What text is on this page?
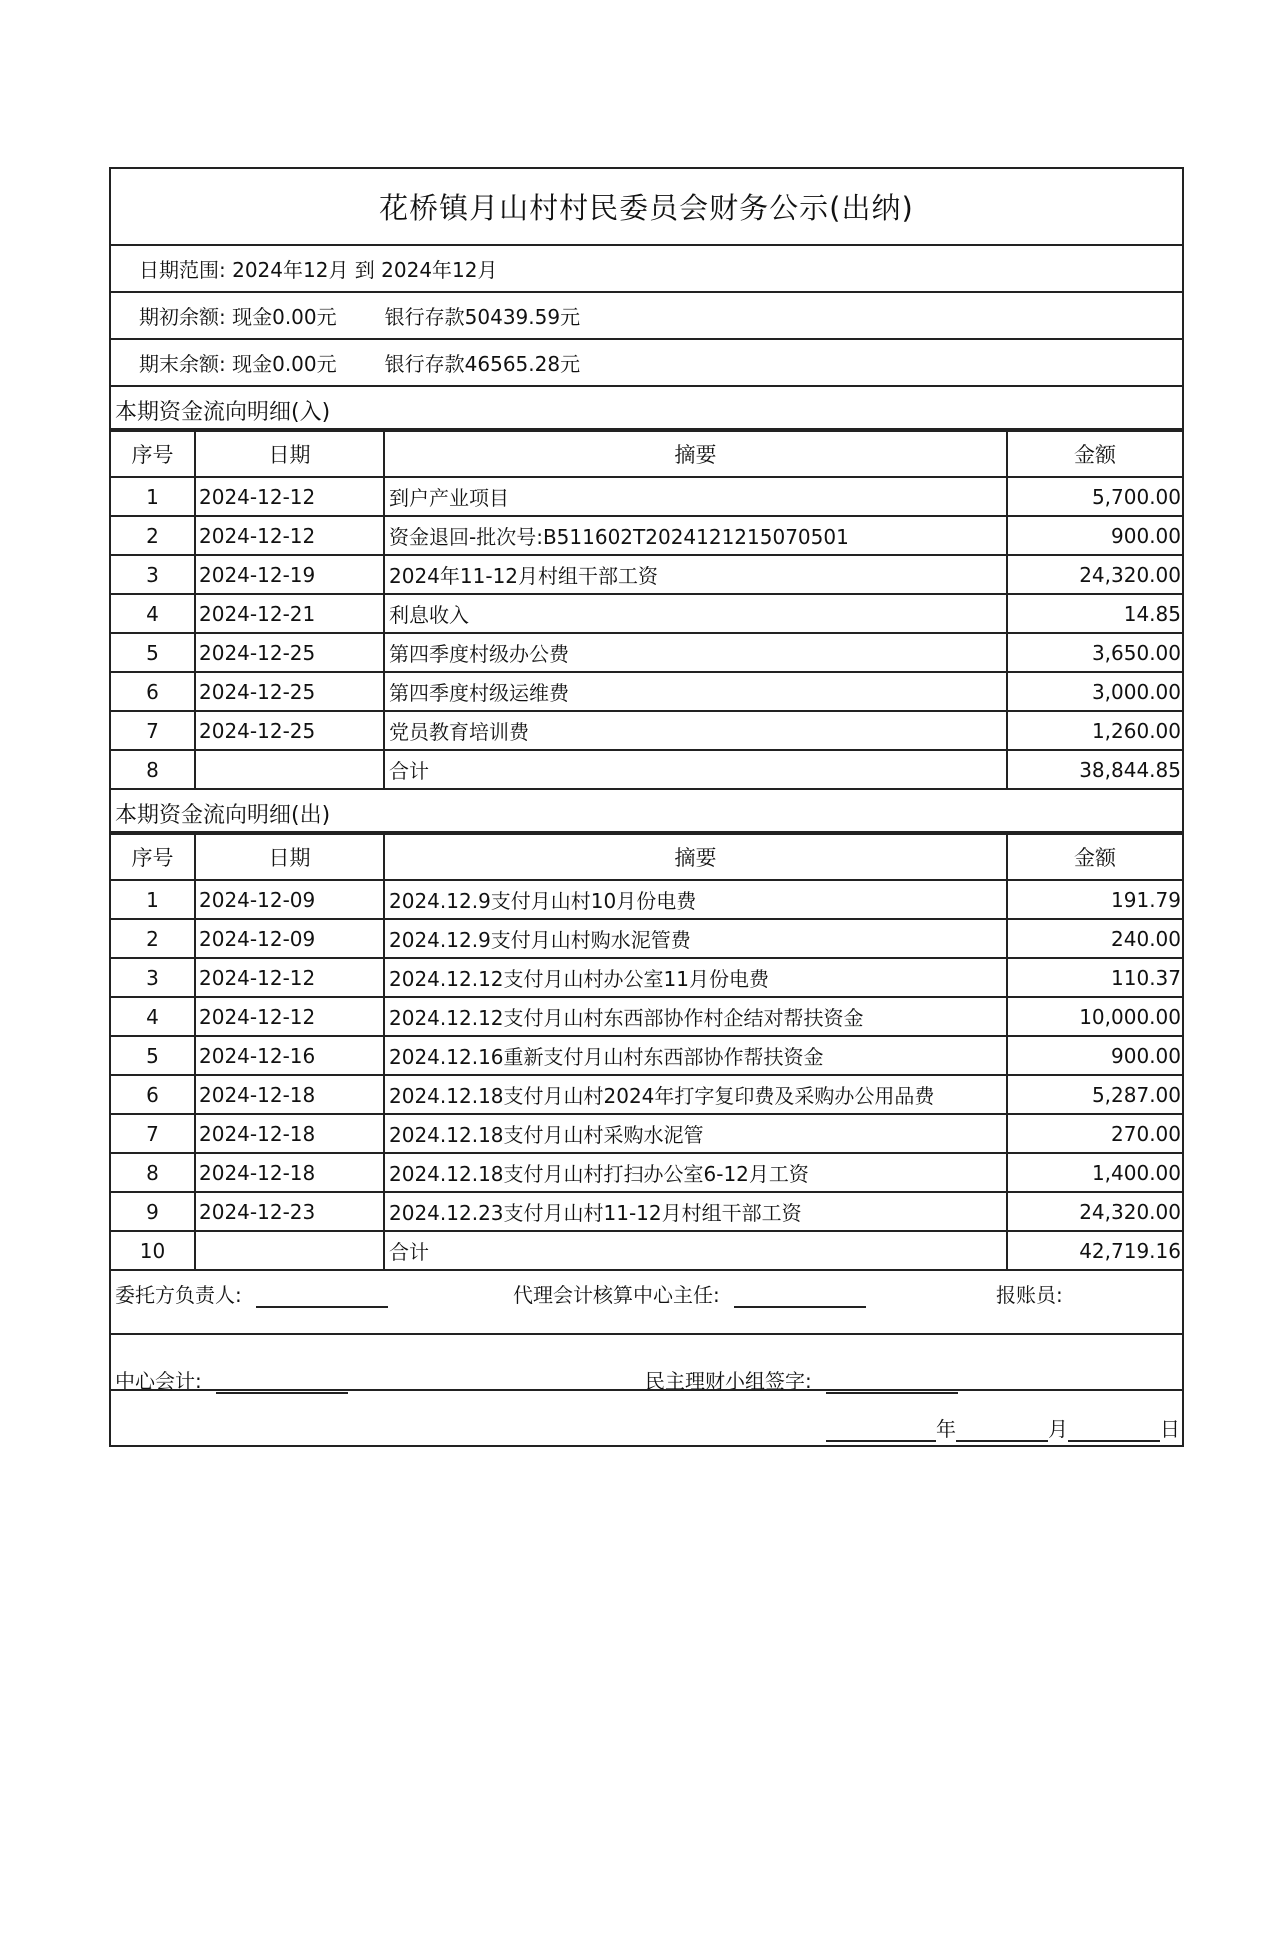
花桥镇月山村村民委员会财务公示(出纳)
日期范围: 2024年12月 到 2024年12月
期初余额: 现金0.00元 银行存款50439.59元
期末余额: 现金0.00元 银行存款46565.28元
本期资金流向明细(入)
序号	日期	摘要	金额
1	2024-12-12	到户产业项目	5,700.00
2	2024-12-12	资金退回-批次号:B511602T2024121215070501	900.00
3	2024-12-19	2024年11-12月村组干部工资	24,320.00
4	2024-12-21	利息收入	14.85
5	2024-12-25	第四季度村级办公费	3,650.00
6	2024-12-25	第四季度村级运维费	3,000.00
7	2024-12-25	党员教育培训费	1,260.00
8		合计	38,844.85
本期资金流向明细(出)
序号	日期	摘要	金额
1	2024-12-09	2024.12.9支付月山村10月份电费	191.79
2	2024-12-09	2024.12.9支付月山村购水泥管费	240.00
3	2024-12-12	2024.12.12支付月山村办公室11月份电费	110.37
4	2024-12-12	2024.12.12支付月山村东西部协作村企结对帮扶资金	10,000.00
5	2024-12-16	2024.12.16重新支付月山村东西部协作帮扶资金	900.00
6	2024-12-18	2024.12.18支付月山村2024年打字复印费及采购办公用品费	5,287.00
7	2024-12-18	2024.12.18支付月山村采购水泥管	270.00
8	2024-12-18	2024.12.18支付月山村打扫办公室6-12月工资	1,400.00
9	2024-12-23	2024.12.23支付月山村11-12月村组干部工资	24,320.00
10		合计	42,719.16
委托方负责人:	代理会计核算中心主任:	报账员:
中心会计:	民主理财小组签字:
年	月	日
